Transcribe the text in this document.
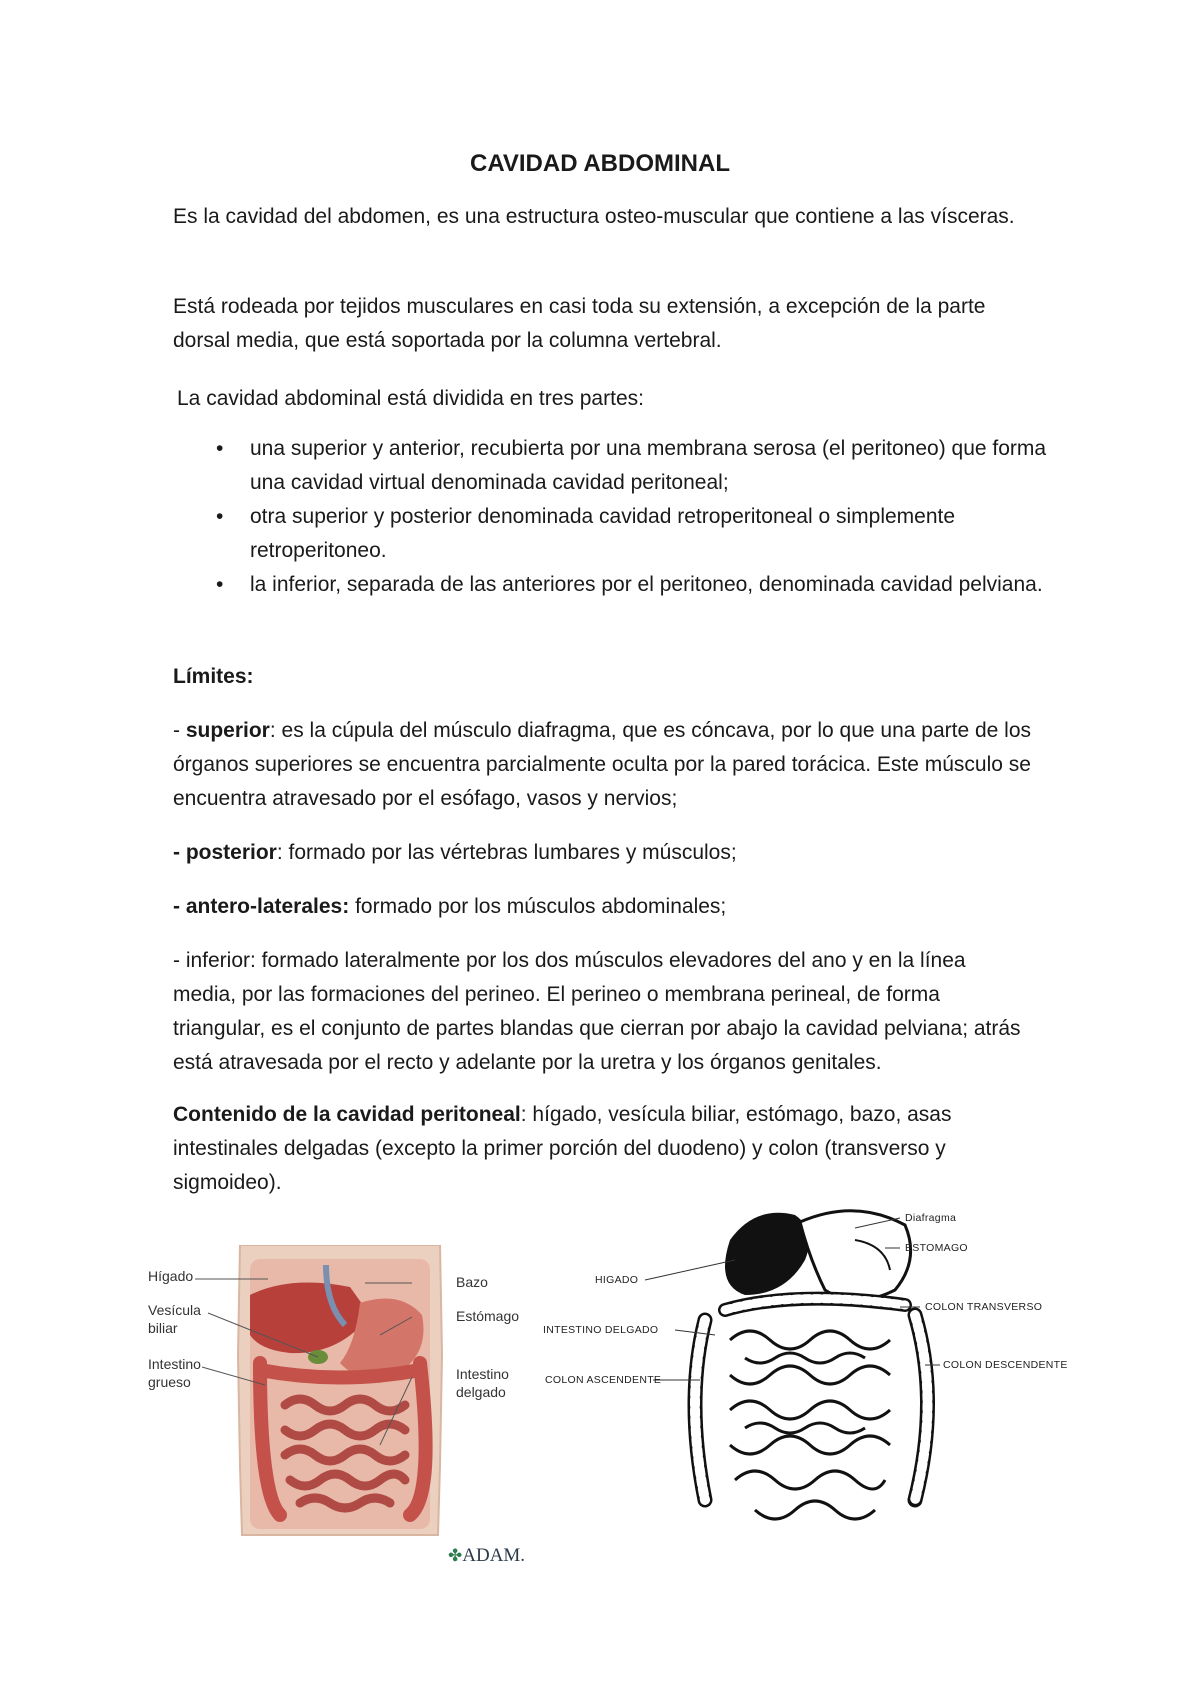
CAVIDAD ABDOMINAL

Es la cavidad del abdomen, es una estructura osteo-muscular que contiene a las vísceras.

Está rodeada por tejidos musculares en casi toda su extensión, a excepción de la parte dorsal media, que está soportada por la columna vertebral.

La cavidad abdominal está dividida en tres partes:

• una superior y anterior, recubierta por una membrana serosa (el peritoneo) que forma una cavidad virtual denominada cavidad peritoneal;
• otra superior y posterior denominada cavidad retroperitoneal o simplemente retroperitoneo.
• la inferior, separada de las anteriores por el peritoneo, denominada cavidad pelviana.

Límites:

- superior: es la cúpula del músculo diafragma, que es cóncava, por lo que una parte de los órganos superiores se encuentra parcialmente oculta por la pared torácica. Este músculo se encuentra atravesado por el esófago, vasos y nervios;

- posterior: formado por las vértebras lumbares y músculos;

- antero-laterales: formado por los músculos abdominales;

- inferior: formado lateralmente por los dos músculos elevadores del ano y en la línea media, por las formaciones del perineo. El perineo o membrana perineal, de forma triangular, es el conjunto de partes blandas que cierran por abajo la cavidad pelviana; atrás está atravesada por el recto y adelante por la uretra y los órganos genitales.

Contenido de la cavidad peritoneal: hígado, vesícula biliar, estómago, bazo, asas intestinales delgadas (excepto la primer porción del duodeno) y colon (transverso y sigmoideo).

Hígado
Vesícula
biliar
Intestino
grueso
Bazo
Estómago
Intestino
delgado
✤ADAM.
Diafragma
ESTOMAGO
HIGADO
COLON TRANSVERSO
INTESTINO DELGADO
COLON DESCENDENTE
COLON ASCENDENTE
